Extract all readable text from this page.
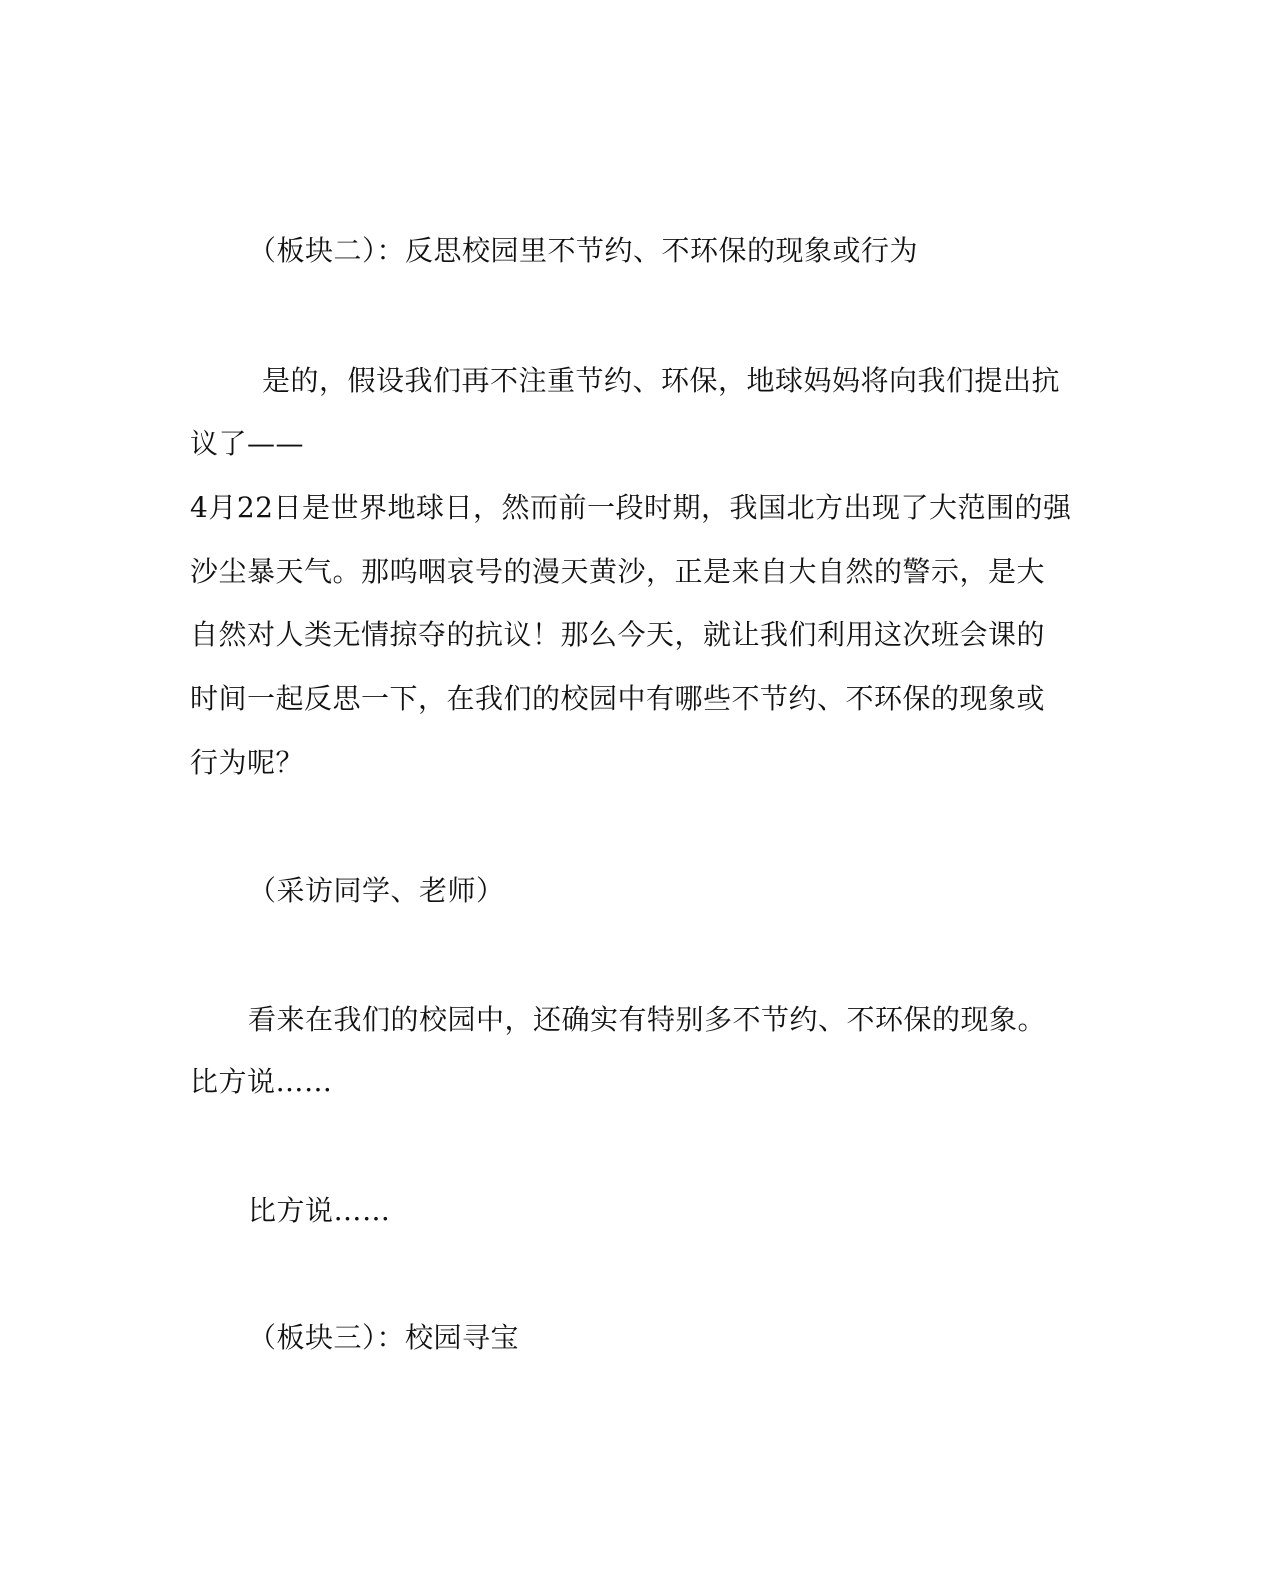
（板块二）：反思校园里不节约、不环保的现象或行为
是的，假设我们再不注重节约、环保，地球妈妈将向我们提出抗
议了——
4月22日是世界地球日，然而前一段时期，我国北方出现了大范围的强
沙尘暴天气。那呜咽哀号的漫天黄沙，正是来自大自然的警示，是大
自然对人类无情掠夺的抗议！那么今天，就让我们利用这次班会课的
时间一起反思一下，在我们的校园中有哪些不节约、不环保的现象或
行为呢？
（采访同学、老师）
看来在我们的校园中，还确实有特别多不节约、不环保的现象。
比方说……
比方说……
（板块三）：校园寻宝
